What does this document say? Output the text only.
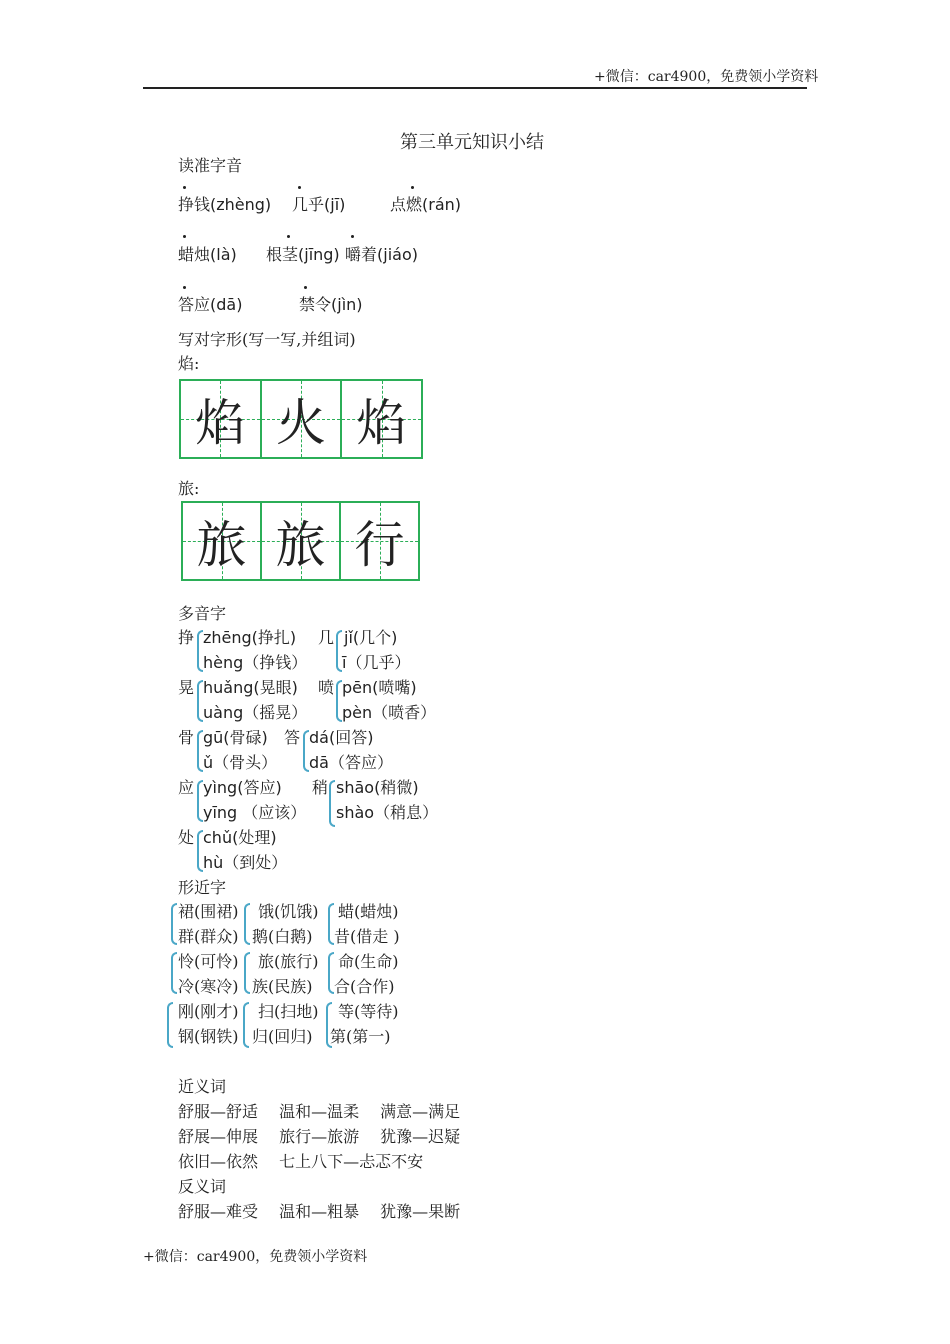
+微信：car4900，免费领小学资料
第三单元知识小结
读准字音
挣钱(zhèng) 几乎(jī)	点燃(rán)
蜡烛(là) 根茎(jīng) 嚼着(jiáo)
答应(dā)	禁令(jìn)
写对字形(写一写,并组词)
焰:
焰 火 焰
旅:
旅 旅 行
多音字
挣 zhēng(挣扎)
hèng（挣钱）
几 jǐ(几个)
ī（几乎）
晃 huǎng(晃眼)
uàng（摇晃）
喷 pēn(喷嘴)
pèn（喷香）
骨 gū(骨碌)
ǔ（骨头）
答 dá(回答)
dā（答应）
应 yìng(答应)
yīng （应该）
稍 shāo(稍微)
shào（稍息）
处 chǔ(处理)
hù（到处）
形近字
裙(围裙) 饿(饥饿) 蜡(蜡烛)
群(群众) 鹅(白鹅) 昔(借走 )
怜(可怜) 旅(旅行) 命(生命)
冷(寒冷) 族(民族) 合(合作)
刚(刚才) 扫(扫地) 等(等待)
钢(钢铁) 归(回归) 第(第一)
近义词
舒服—舒适　 温和—温柔　 满意—满足
舒展—伸展　 旅行—旅游　 犹豫—迟疑
依旧—依然　 七上八下—忐忑不安
反义词
舒服—难受　 温和—粗暴　 犹豫—果断
+微信：car4900，免费领小学资料
